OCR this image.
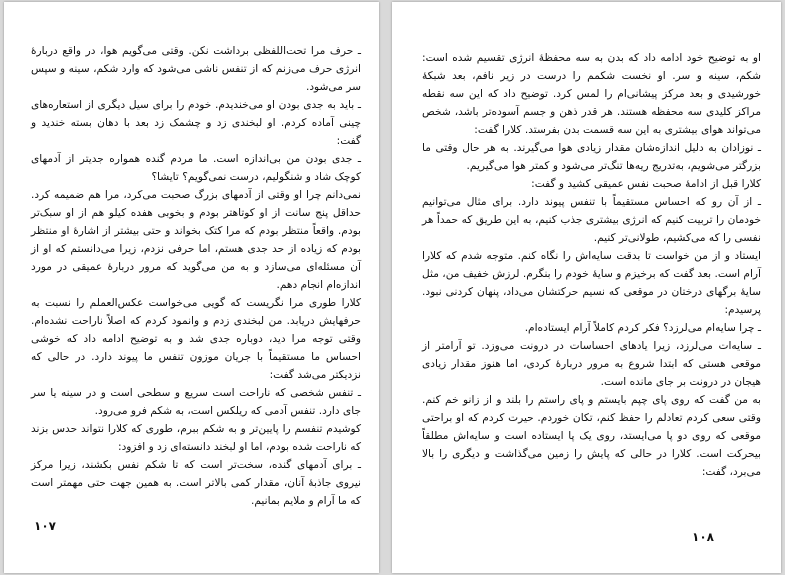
ـ حرف مرا تحت‌اللفظی برداشت نکن. وقتی می‌گویم هوا، در واقع دربارهٔ انرژی حرف می‌زنم که از تنفس ناشی می‌شود که وارد شکم، سینه و سپس سر می‌شود.

ـ باید به جدی بودن او می‌خندیدم. خودم را برای سیل دیگری از استعاره‌های چینی آماده کردم. او لبخندی زد و چشمک زد بعد با دهان بسته خندید و گفت:

ـ جدی بودن من بی‌اندازه است. ما مردم گنده همواره جدیتر از آدمهای کوچک شاد و شنگولیم، درست نمی‌گویم؟ تایشا؟

نمی‌دانم چرا او وقتی از آدمهای بزرگ صحبت می‌کرد، مرا هم ضمیمه کرد. حداقل پنج سانت از او کوتاهتر بودم و بخوبی هفده کیلو هم از او سبک‌تر بودم. واقعاً منتظر بودم که مرا کتک بخواند و حتی بیشتر از اشارهٔ او منتظر بودم که زیاده از حد جدی هستم، اما حرفی نزدم، زیرا می‌دانستم که او از آن مسئله‌ای می‌سازد و به من می‌گوید که مرور دربارهٔ عمیقی در مورد اندازه‌ام انجام دهم.

کلارا طوری مرا نگریست که گویی می‌خواست عکس‌العملم را نسبت به حرفهایش دریابد. من لبخندی زدم و وانمود کردم که اصلاً ناراحت نشده‌ام. وقتی توجه مرا دید، دوباره جدی شد و به توضیح ادامه داد که خوشی احساس ما مستقیماً با جریان موزون تنفس ما پیوند دارد. در حالی که نزدیکتر می‌شد گفت:

ـ تنفس شخصی که ناراحت است سریع و سطحی است و در سینه یا سر جای دارد. تنفس آدمی که ریلکس است، به شکم فرو می‌رود.

کوشیدم تنفسم را پایین‌تر و به شکم ببرم، طوری که کلارا نتواند حدس بزند که ناراحت شده بودم، اما او لبخند دانسته‌ای زد و افزود:

ـ برای آدمهای گنده، سخت‌تر است که تا شکم نفس بکشند، زیرا مرکز نیروی جاذبهٔ آنان، مقدار کمی بالاتر است. به همین جهت حتی مهمتر است که ما آرام و ملایم بمانیم.

۱۰۷

او به توضیح خود ادامه داد که بدن به سه محفظهٔ انرژی تقسیم شده است: شکم، سینه و سر. او نخست شکمم را درست در زیر نافم، بعد شبکهٔ خورشیدی و بعد مرکز پیشانی‌ام را لمس کرد. توضیح داد که این سه نقطه مراکز کلیدی سه محفظه هستند. هر قدر ذهن و جسم آسوده‌تر باشد، شخص می‌تواند هوای بیشتری به این سه قسمت بدن بفرستد. کلارا گفت:

ـ نوزادان به دلیل اندازه‌شان مقدار زیادی هوا می‌گیرند. به هر حال وقتی ما بزرگتر می‌شویم، به‌تدریج ریه‌ها تنگ‌تر می‌شود و کمتر هوا می‌گیریم.

کلارا قبل از ادامهٔ صحبت نفس عمیقی کشید و گفت:

ـ از آن رو که احساس مستقیماً با تنفس پیوند دارد. برای مثال می‌توانیم خودمان را تربیت کنیم که انرژی بیشتری جذب کنیم، به این طریق که حمداً هر نفسی را که می‌کشیم، طولانی‌تر کنیم.

ایستاد و از من خواست تا بدقت سایه‌اش را نگاه کنم. متوجه شدم که کلارا آرام است. بعد گفت که برخیزم و سایهٔ خودم را بنگرم. لرزش خفیف من، مثل سایهٔ برگهای درختان در موقعی که نسیم حرکتشان می‌داد، پنهان کردنی نبود. پرسیدم:

ـ چرا سایه‌ام می‌لرزد؟ فکر کردم کاملاً آرام ایستاده‌ام.

ـ سایه‌ات می‌لرزد، زیرا یادهای احساسات در درونت می‌وزد. تو آرامتر از موقعی هستی که ابتدا شروع به مرور دربارهٔ کردی، اما هنوز مقدار زیادی هیجان در درونت بر جای مانده است.

به من گفت که روی پای چپم بایستم و پای راستم را بلند و از زانو خم کنم. وقتی سعی کردم تعادلم را حفظ کنم، تکان خوردم. حیرت کردم که او براحتی موقعی که روی دو پا می‌ایستد، روی یک پا ایستاده است و سایه‌اش مطلقاً بیحرکت است. کلارا در حالی که پایش را زمین می‌گذاشت و دیگری را بالا می‌برد، گفت:

۱۰۸
